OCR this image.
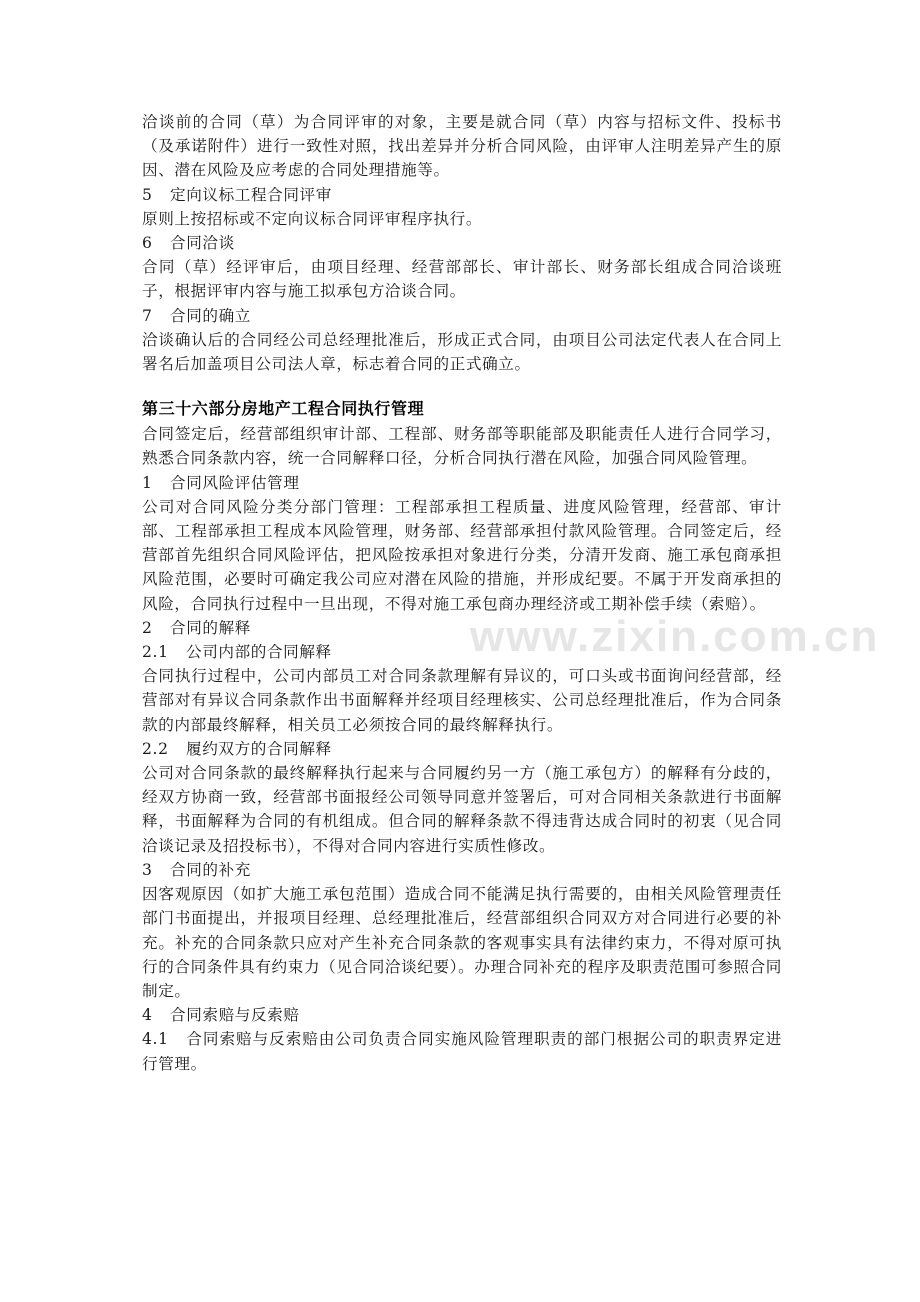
www.zixin.com.cn

洽谈前的合同（草）为合同评审的对象，主要是就合同（草）内容与招标文件、投标书（及承诺附件）进行一致性对照，找出差异并分析合同风险，由评审人注明差异产生的原因、潜在风险及应考虑的合同处理措施等。

5 定向议标工程合同评审

原则上按招标或不定向议标合同评审程序执行。

6 合同洽谈

合同（草）经评审后，由项目经理、经营部部长、审计部长、财务部长组成合同洽谈班子，根据评审内容与施工拟承包方洽谈合同。

7 合同的确立

洽谈确认后的合同经公司总经理批准后，形成正式合同，由项目公司法定代表人在合同上署名后加盖项目公司法人章，标志着合同的正式确立。

第三十六部分房地产工程合同执行管理

合同签定后，经营部组织审计部、工程部、财务部等职能部及职能责任人进行合同学习，熟悉合同条款内容，统一合同解释口径，分析合同执行潜在风险，加强合同风险管理。

1 合同风险评估管理

公司对合同风险分类分部门管理：工程部承担工程质量、进度风险管理，经营部、审计部、工程部承担工程成本风险管理，财务部、经营部承担付款风险管理。合同签定后，经营部首先组织合同风险评估，把风险按承担对象进行分类，分清开发商、施工承包商承担风险范围，必要时可确定我公司应对潜在风险的措施，并形成纪要。不属于开发商承担的风险，合同执行过程中一旦出现，不得对施工承包商办理经济或工期补偿手续（索赔）。

2 合同的解释

2.1 公司内部的合同解释

合同执行过程中，公司内部员工对合同条款理解有异议的，可口头或书面询问经营部，经营部对有异议合同条款作出书面解释并经项目经理核实、公司总经理批准后，作为合同条款的内部最终解释，相关员工必须按合同的最终解释执行。

2.2 履约双方的合同解释

公司对合同条款的最终解释执行起来与合同履约另一方（施工承包方）的解释有分歧的，经双方协商一致，经营部书面报经公司领导同意并签署后，可对合同相关条款进行书面解释，书面解释为合同的有机组成。但合同的解释条款不得违背达成合同时的初衷（见合同洽谈记录及招投标书），不得对合同内容进行实质性修改。

3 合同的补充

因客观原因（如扩大施工承包范围）造成合同不能满足执行需要的，由相关风险管理责任部门书面提出，并报项目经理、总经理批准后，经营部组织合同双方对合同进行必要的补充。补充的合同条款只应对产生补充合同条款的客观事实具有法律约束力，不得对原可执行的合同条件具有约束力（见合同洽谈纪要）。办理合同补充的程序及职责范围可参照合同制定。

4 合同索赔与反索赔

4.1 合同索赔与反索赔由公司负责合同实施风险管理职责的部门根据公司的职责界定进行管理。
